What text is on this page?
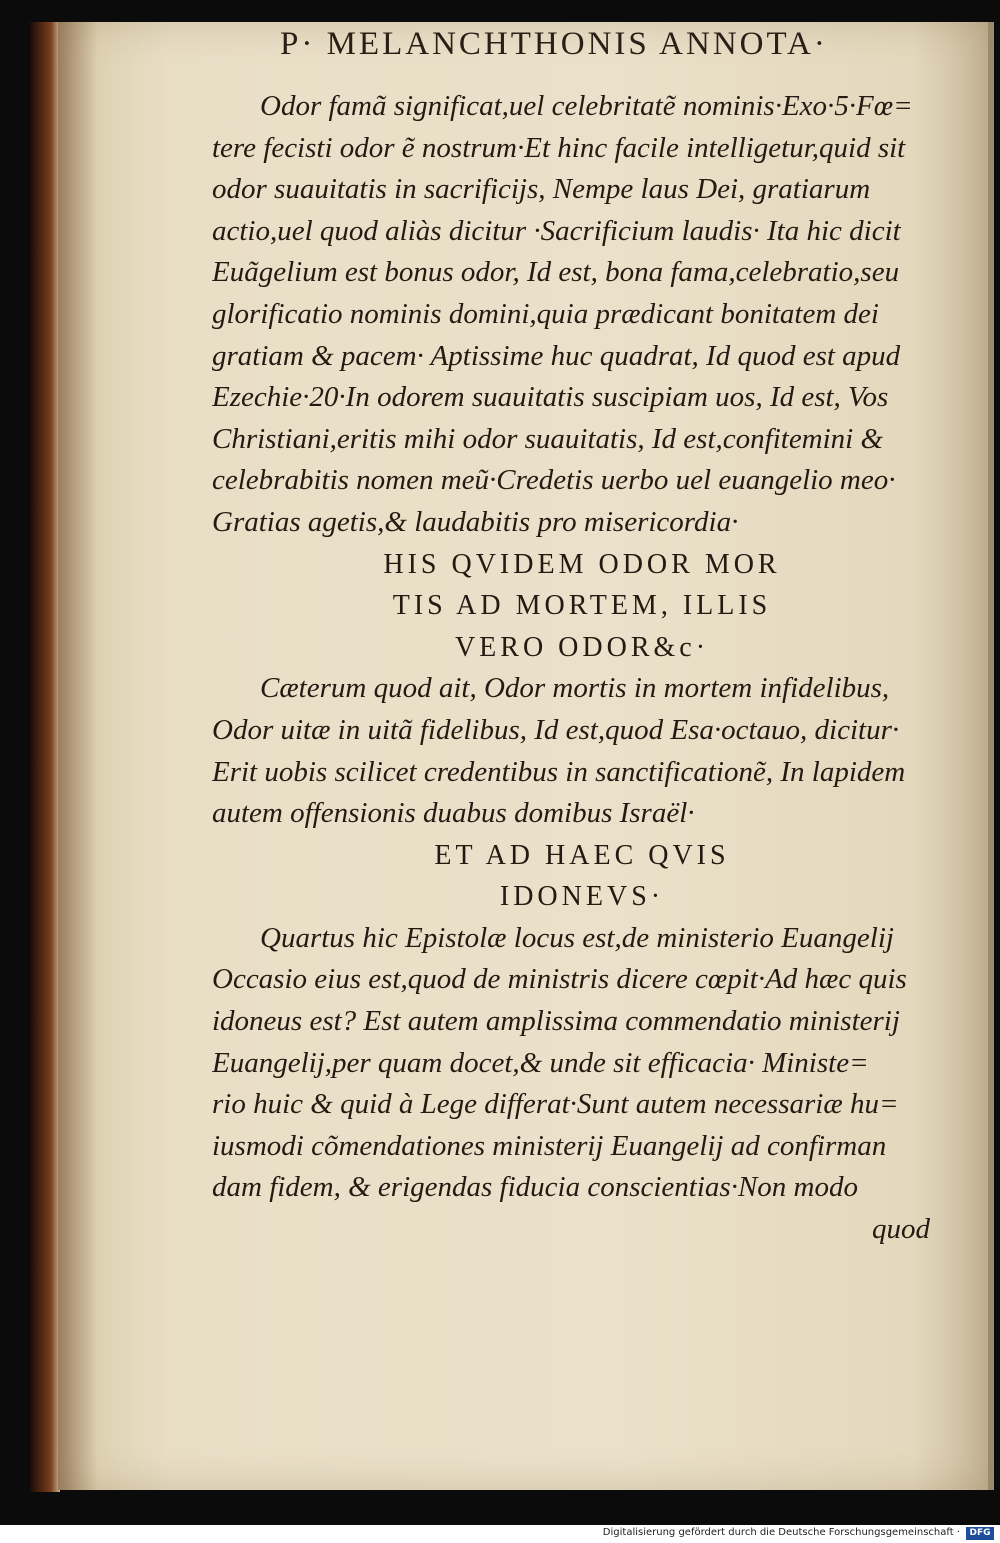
P· MELANCHTHONIS ANNOTA·
Odor famã significat,uel celebritatẽ nominis·Exo·5·Fœ=
tere fecisti odor ẽ nostrum·Et hinc facile intelligetur,quid sit
odor suauitatis in sacrificijs, Nempe laus Dei, gratiarum
actio,uel quod aliàs dicitur ·Sacrificium laudis· Ita hic dicit
Euãgelium est bonus odor, Id est, bona fama,celebratio,seu
glorificatio nominis domini,quia prædicant bonitatem dei
gratiam & pacem· Aptissime huc quadrat, Id quod est apud
Ezechie·20·In odorem suauitatis suscipiam uos, Id est, Vos
Christiani,eritis mihi odor suauitatis, Id est,confitemini &
celebrabitis nomen meũ·Credetis uerbo uel euangelio meo·
Gratias agetis,& laudabitis pro misericordia·
HIS QVIDEM ODOR MOR
TIS AD MORTEM, ILLIS
VERO ODOR&c·
Cæterum quod ait, Odor mortis in mortem infidelibus,
Odor uitæ in uitã fidelibus, Id est,quod Esa·octauo, dicitur·
Erit uobis scilicet credentibus in sanctificationẽ, In lapidem
autem offensionis duabus domibus Israël·
ET AD HAEC QVIS
IDONEVS·
Quartus hic Epistolæ locus est,de ministerio Euangelij
Occasio eius est,quod de ministris dicere cœpit·Ad hæc quis
idoneus est? Est autem amplissima commendatio ministerij
Euangelij,per quam docet,& unde sit efficacia· Ministe=
rio huic & quid à Lege differat·Sunt autem necessariæ hu=
iusmodi cõmendationes ministerij Euangelij ad confirman
dam fidem, & erigendas fiducia conscientias·Non modo
quod
Digitalisierung gefördert durch die Deutsche Forschungsgemeinschaft ·	DFG
